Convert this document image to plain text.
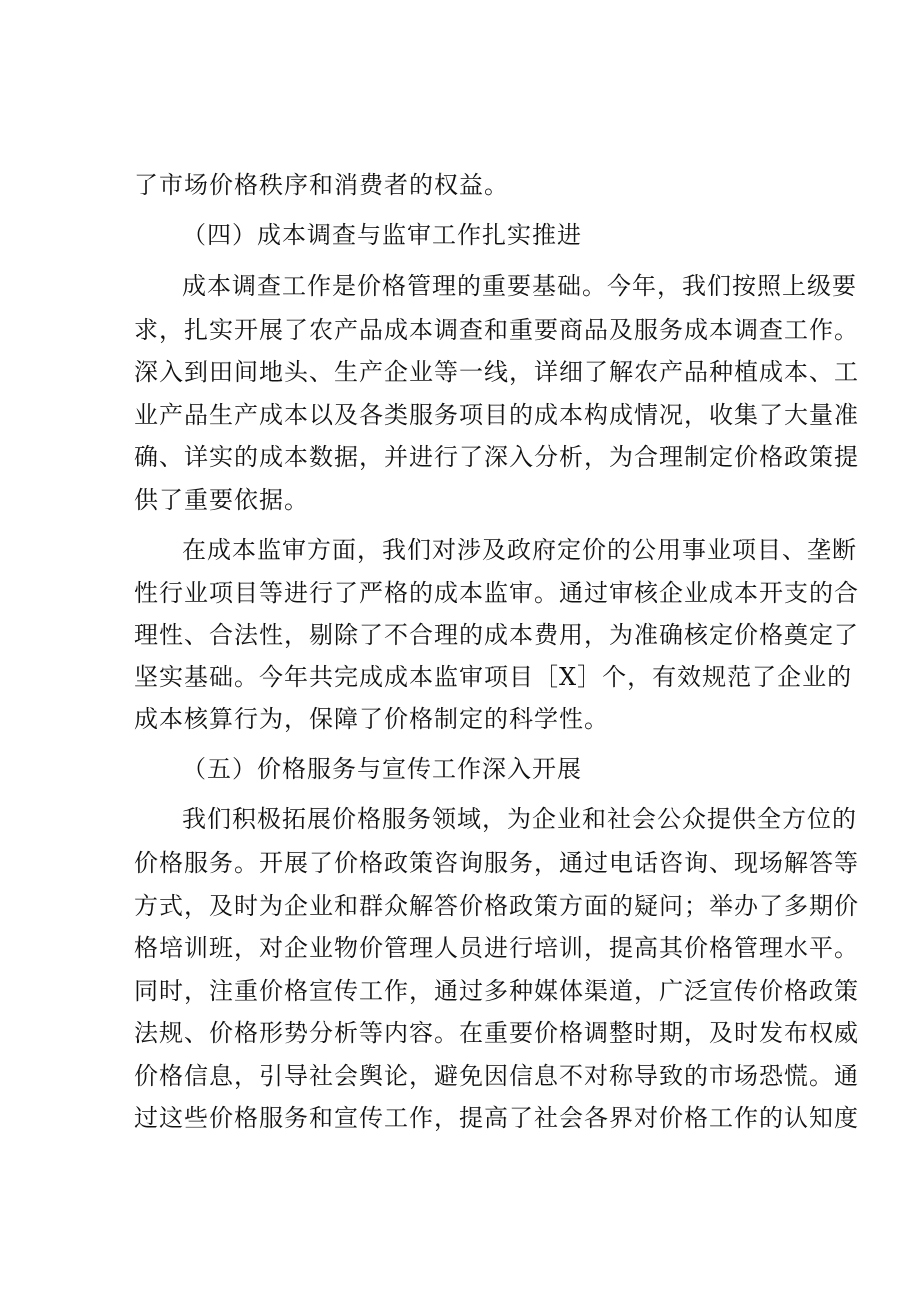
了市场价格秩序和消费者的权益。
（四）成本调查与监审工作扎实推进
成本调查工作是价格管理的重要基础。今年，我们按照上级要
求，扎实开展了农产品成本调查和重要商品及服务成本调查工作。
深入到田间地头、生产企业等一线，详细了解农产品种植成本、工
业产品生产成本以及各类服务项目的成本构成情况，收集了大量准
确、详实的成本数据，并进行了深入分析，为合理制定价格政策提
供了重要依据。
在成本监审方面，我们对涉及政府定价的公用事业项目、垄断
性行业项目等进行了严格的成本监审。通过审核企业成本开支的合
理性、合法性，剔除了不合理的成本费用，为准确核定价格奠定了
坚实基础。今年共完成成本监审项目［X］个，有效规范了企业的
成本核算行为，保障了价格制定的科学性。
（五）价格服务与宣传工作深入开展
我们积极拓展价格服务领域，为企业和社会公众提供全方位的
价格服务。开展了价格政策咨询服务，通过电话咨询、现场解答等
方式，及时为企业和群众解答价格政策方面的疑问；举办了多期价
格培训班，对企业物价管理人员进行培训，提高其价格管理水平。
同时，注重价格宣传工作，通过多种媒体渠道，广泛宣传价格政策
法规、价格形势分析等内容。在重要价格调整时期，及时发布权威
价格信息，引导社会舆论，避免因信息不对称导致的市场恐慌。通
过这些价格服务和宣传工作，提高了社会各界对价格工作的认知度
